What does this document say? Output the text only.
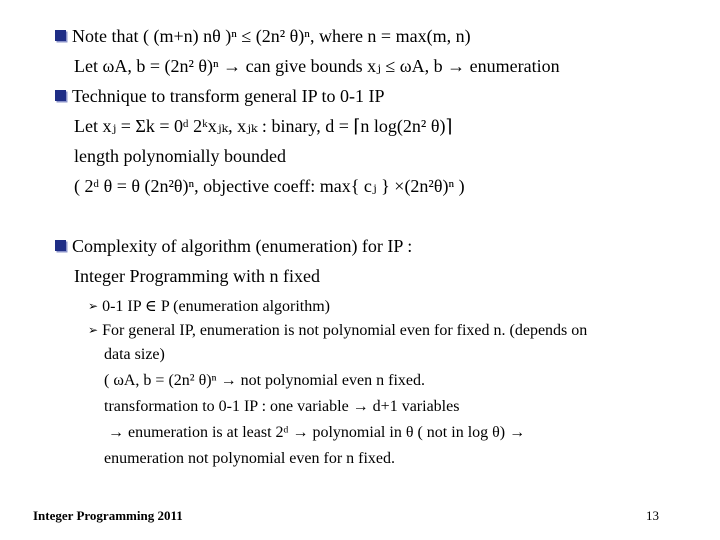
Note that ( (m+n) nθ )ⁿ ≤ (2n² θ)ⁿ, where n = max(m, n)
Let ωA, b = (2n² θ)ⁿ → can give bounds xⱼ ≤ ωA, b → enumeration
Technique to transform general IP to 0-1 IP
Let xⱼ = Σk = 0ᵈ 2ᵏxⱼₖ, xⱼₖ : binary, d = ⌈n log(2n² θ)⌉
length polynomially bounded
( 2ᵈ θ = θ (2n²θ)ⁿ, objective coeff: max{ cⱼ } ×(2n²θ)ⁿ )
Complexity of algorithm (enumeration) for IP :
Integer Programming with n fixed
➢ 0-1 IP ∈ P (enumeration algorithm)
➢ For general IP, enumeration is not polynomial even for fixed n. (depends on
data size)
( ωA, b = (2n² θ)ⁿ → not polynomial even n fixed.
transformation to 0-1 IP : one variable → d+1 variables
→ enumeration is at least 2ᵈ → polynomial in θ ( not in log θ) →
enumeration not polynomial even for n fixed.
Integer Programming 2011	13
